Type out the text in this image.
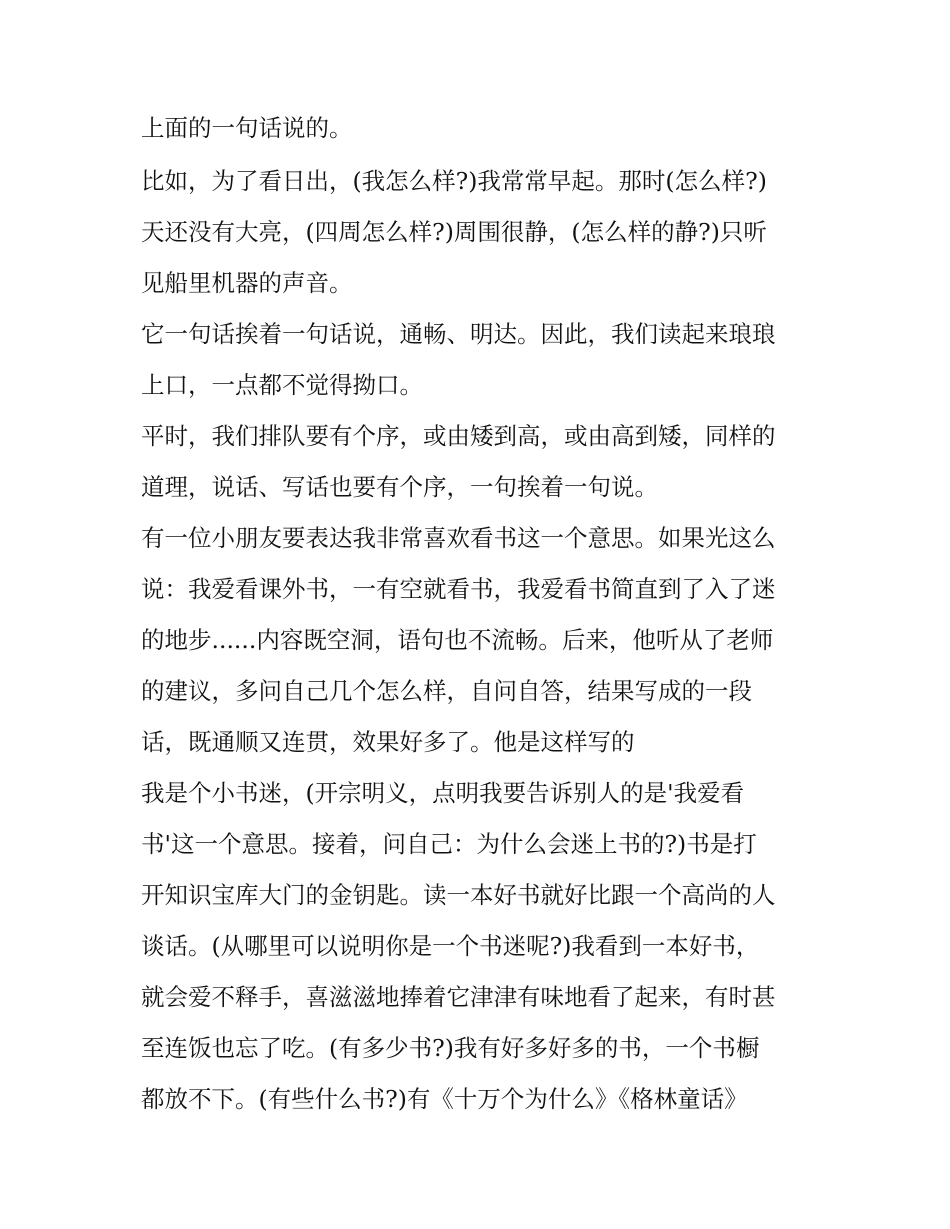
上面的一句话说的。

比如，为了看日出，(我怎么样?)我常常早起。那时(怎么样?)

天还没有大亮，(四周怎么样?)周围很静，(怎么样的静?)只听

见船里机器的声音。

它一句话挨着一句话说，通畅、明达。因此，我们读起来琅琅

上口，一点都不觉得拗口。

平时，我们排队要有个序，或由矮到高，或由高到矮，同样的

道理，说话、写话也要有个序，一句挨着一句说。

有一位小朋友要表达我非常喜欢看书这一个意思。如果光这么

说：我爱看课外书，一有空就看书，我爱看书简直到了入了迷

的地步......内容既空洞，语句也不流畅。后来，他听从了老师

的建议，多问自己几个怎么样，自问自答，结果写成的一段

话，既通顺又连贯，效果好多了。他是这样写的

我是个小书迷，(开宗明义，点明我要告诉别人的是'我爱看

书'这一个意思。接着，问自己：为什么会迷上书的?)书是打

开知识宝库大门的金钥匙。读一本好书就好比跟一个高尚的人

谈话。(从哪里可以说明你是一个书迷呢?)我看到一本好书，

就会爱不释手，喜滋滋地捧着它津津有味地看了起来，有时甚

至连饭也忘了吃。(有多少书?)我有好多好多的书，一个书橱

都放不下。(有些什么书?)有《十万个为什么》《格林童话》
